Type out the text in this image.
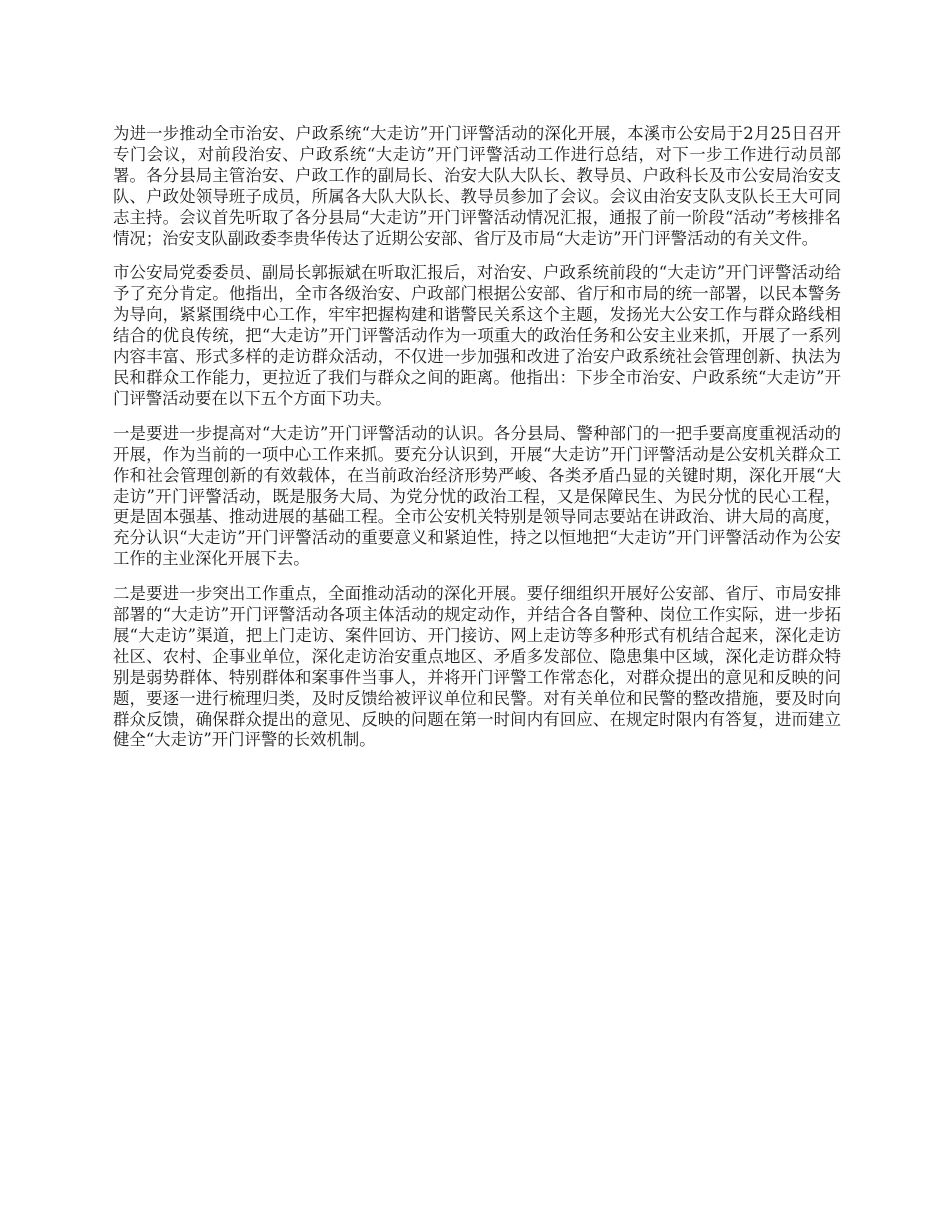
为进一步推动全市治安、户政系统“大走访”开门评警活动的深化开展，本溪市公安局于2月25日召开专门会议，对前段治安、户政系统“大走访”开门评警活动工作进行总结，对下一步工作进行动员部署。各分县局主管治安、户政工作的副局长、治安大队大队长、教导员、户政科长及市公安局治安支队、户政处领导班子成员，所属各大队大队长、教导员参加了会议。会议由治安支队支队长王大可同志主持。会议首先听取了各分县局“大走访”开门评警活动情况汇报，通报了前一阶段“活动”考核排名情况；治安支队副政委李贵华传达了近期公安部、省厅及市局“大走访”开门评警活动的有关文件。

市公安局党委委员、副局长郭振斌在听取汇报后，对治安、户政系统前段的“大走访”开门评警活动给予了充分肯定。他指出，全市各级治安、户政部门根据公安部、省厅和市局的统一部署，以民本警务为导向，紧紧围绕中心工作，牢牢把握构建和谐警民关系这个主题，发扬光大公安工作与群众路线相结合的优良传统，把“大走访”开门评警活动作为一项重大的政治任务和公安主业来抓，开展了一系列内容丰富、形式多样的走访群众活动，不仅进一步加强和改进了治安户政系统社会管理创新、执法为民和群众工作能力，更拉近了我们与群众之间的距离。他指出：下步全市治安、户政系统“大走访”开门评警活动要在以下五个方面下功夫。

一是要进一步提高对“大走访”开门评警活动的认识。各分县局、警种部门的一把手要高度重视活动的开展，作为当前的一项中心工作来抓。要充分认识到，开展“大走访”开门评警活动是公安机关群众工作和社会管理创新的有效载体，在当前政治经济形势严峻、各类矛盾凸显的关键时期，深化开展“大走访”开门评警活动，既是服务大局、为党分忧的政治工程，又是保障民生、为民分忧的民心工程，更是固本强基、推动进展的基础工程。全市公安机关特别是领导同志要站在讲政治、讲大局的高度，充分认识“大走访”开门评警活动的重要意义和紧迫性，持之以恒地把“大走访”开门评警活动作为公安工作的主业深化开展下去。

二是要进一步突出工作重点，全面推动活动的深化开展。要仔细组织开展好公安部、省厅、市局安排部署的“大走访”开门评警活动各项主体活动的规定动作，并结合各自警种、岗位工作实际，进一步拓展“大走访”渠道，把上门走访、案件回访、开门接访、网上走访等多种形式有机结合起来，深化走访社区、农村、企事业单位，深化走访治安重点地区、矛盾多发部位、隐患集中区域，深化走访群众特别是弱势群体、特别群体和案事件当事人，并将开门评警工作常态化，对群众提出的意见和反映的问题，要逐一进行梳理归类，及时反馈给被评议单位和民警。对有关单位和民警的整改措施，要及时向群众反馈，确保群众提出的意见、反映的问题在第一时间内有回应、在规定时限内有答复，进而建立健全“大走访”开门评警的长效机制。
